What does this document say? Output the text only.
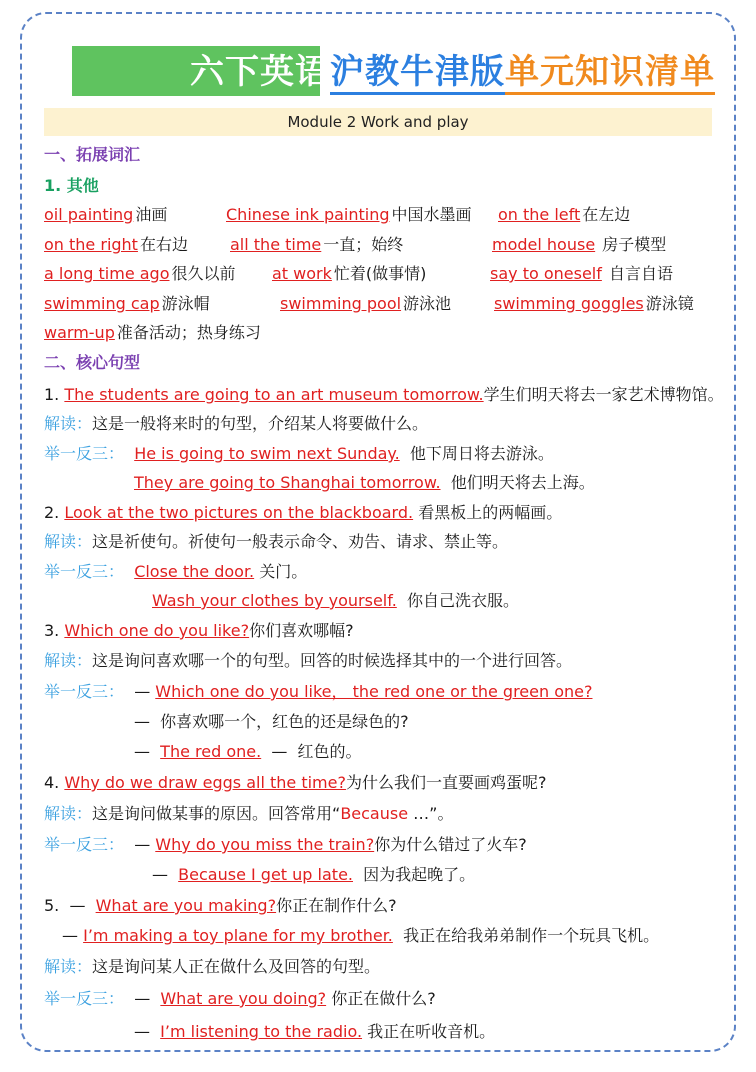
六下英语沪教牛津版单元知识清单
Module 2 Work and play
一、拓展词汇
1. 其他
oil painting 油画	Chinese ink painting 中国水墨画 on the left 在左边
on the right 在右边	all the time 一直；始终	model house 房子模型
a long time ago 很久以前 at work 忙着(做事情)	say to oneself 自言自语
swimming cap 游泳帽	swimming pool 游泳池	swimming goggles 游泳镜
warm-up 准备活动；热身练习
二、核心句型
1. The students are going to an art museum tomorrow.学生们明天将去一家艺术博物馆。
解读：这是一般将来时的句型，介绍某人将要做什么。
举一反三： He is going to swim next Sunday. 他下周日将去游泳。
They are going to Shanghai tomorrow. 他们明天将去上海。
2. Look at the two pictures on the blackboard. 看黑板上的两幅画。
解读：这是祈使句。祈使句一般表示命令、劝告、请求、禁止等。
举一反三： Close the door. 关门。
Wash your clothes by yourself. 你自己洗衣服。
3. Which one do you like?你们喜欢哪幅?
解读：这是询问喜欢哪一个的句型。回答的时候选择其中的一个进行回答。
举一反三： — Which one do you like， the red one or the green one?
— 你喜欢哪一个，红色的还是绿色的?
— The red one. — 红色的。
4. Why do we draw eggs all the time?为什么我们一直要画鸡蛋呢?
解读：这是询问做某事的原因。回答常用“Because …”。
举一反三： — Why do you miss the train?你为什么错过了火车?
— Because I get up late. 因为我起晚了。
5. — What are you making?你正在制作什么?
— I’m making a toy plane for my brother. 我正在给我弟弟制作一个玩具飞机。
解读：这是询问某人正在做什么及回答的句型。
举一反三： — What are you doing? 你正在做什么?
— I’m listening to the radio. 我正在听收音机。
